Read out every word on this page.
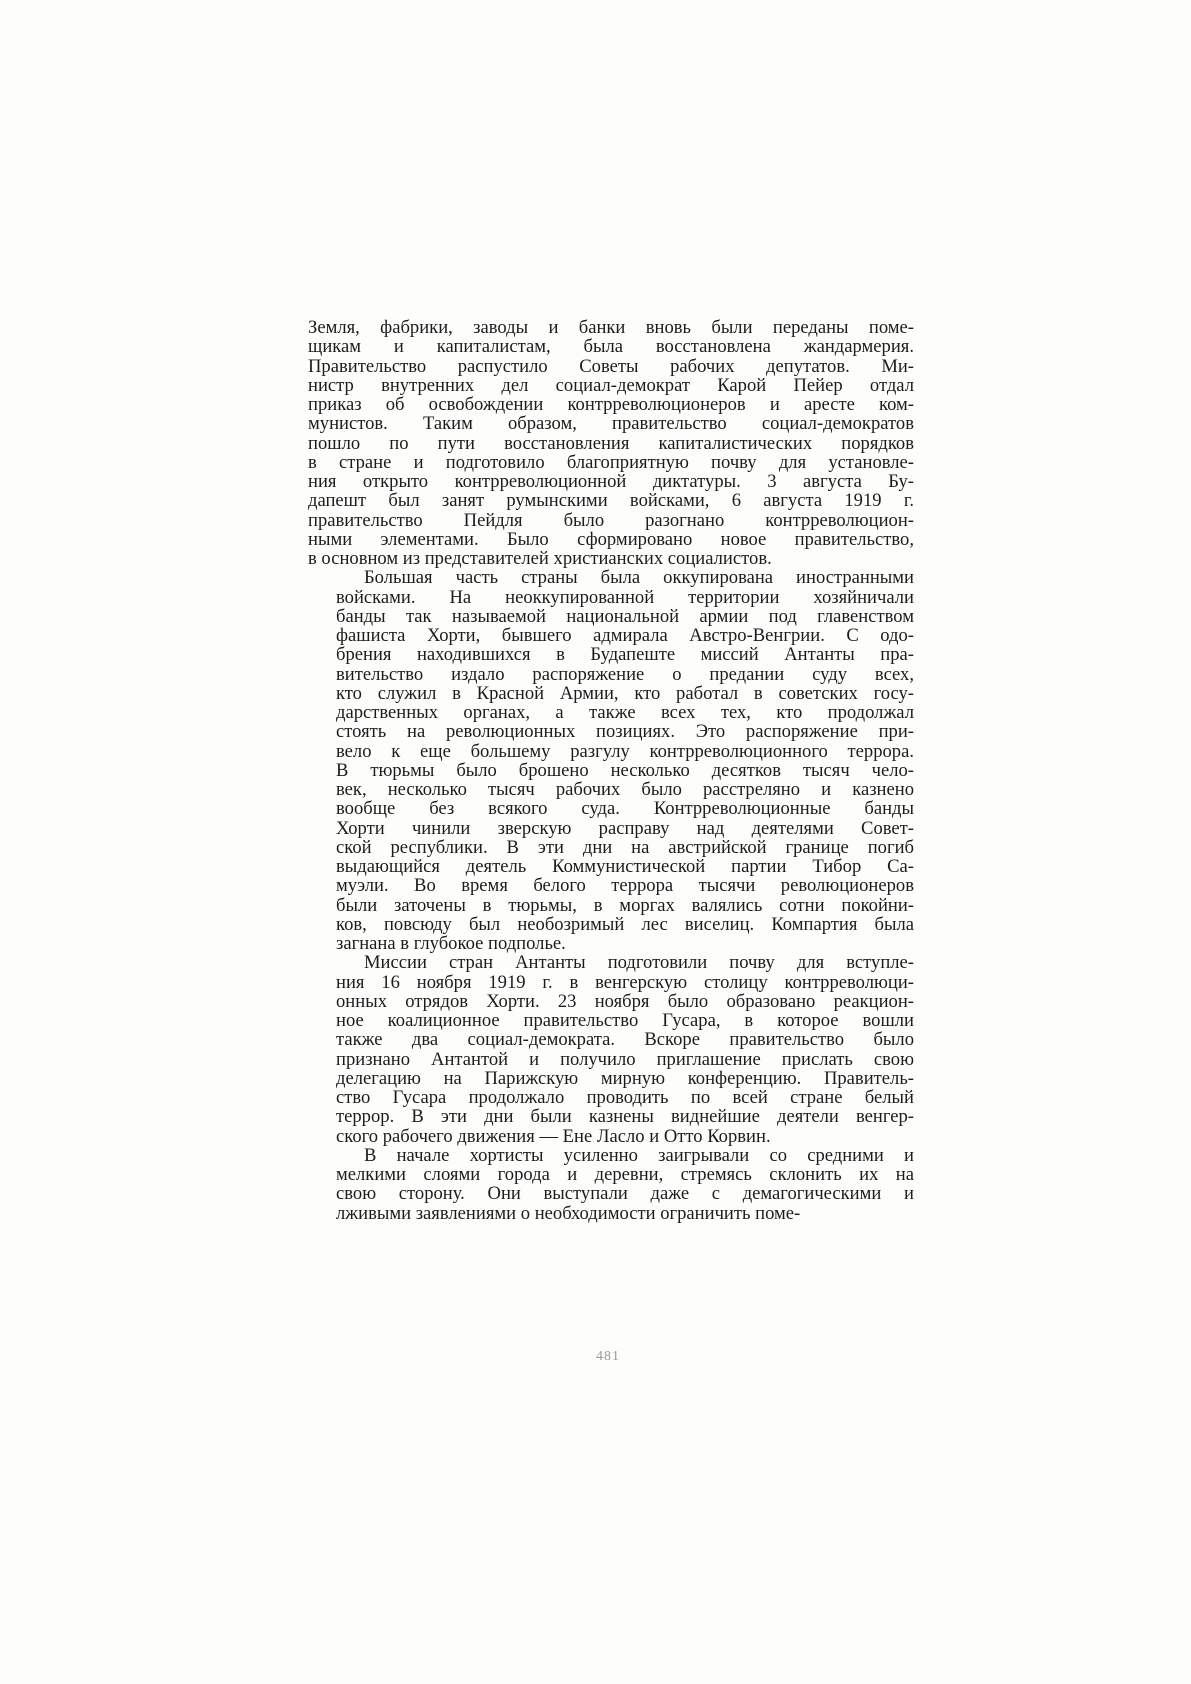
Земля, фабрики, заводы и банки вновь были переданы поме-
щикам и капиталистам, была восстановлена жандармерия.
Правительство распустило Советы рабочих депутатов. Ми-
нистр внутренних дел социал-демократ Карой Пейер отдал
приказ об освобождении контрреволюционеров и аресте ком-
мунистов. Таким образом, правительство социал-демократов
пошло по пути восстановления капиталистических порядков
в стране и подготовило благоприятную почву для установле-
ния открыто контрреволюционной диктатуры. 3 августа Бу-
дапешт был занят румынскими войсками, 6 августа 1919 г.
правительство Пейдля было разогнано контрреволюцион-
ными элементами. Было сформировано новое правительство,
в основном из представителей христианских социалистов.

Большая часть страны была оккупирована иностранными
войсками. На неоккупированной территории хозяйничали
банды так называемой национальной армии под главенством
фашиста Хорти, бывшего адмирала Австро-Венгрии. С одо-
брения находившихся в Будапеште миссий Антанты пра-
вительство издало распоряжение о предании суду всех,
кто служил в Красной Армии, кто работал в советских госу-
дарственных органах, а также всех тех, кто продолжал
стоять на революционных позициях. Это распоряжение при-
вело к еще большему разгулу контрреволюционного террора.
В тюрьмы было брошено несколько десятков тысяч чело-
век, несколько тысяч рабочих было расстреляно и казнено
вообще без всякого суда. Контрреволюционные банды
Хорти чинили зверскую расправу над деятелями Совет-
ской республики. В эти дни на австрийской границе погиб
выдающийся деятель Коммунистической партии Тибор Са-
муэли. Во время белого террора тысячи революционеров
были заточены в тюрьмы, в моргах валялись сотни покойни-
ков, повсюду был необозримый лес виселиц. Компартия была
загнана в глубокое подполье.

Миссии стран Антанты подготовили почву для вступле-
ния 16 ноября 1919 г. в венгерскую столицу контрреволюци-
онных отрядов Хорти. 23 ноября было образовано реакцион-
ное коалиционное правительство Гусара, в которое вошли
также два социал-демократа. Вскоре правительство было
признано Антантой и получило приглашение прислать свою
делегацию на Парижскую мирную конференцию. Правитель-
ство Гусара продолжало проводить по всей стране белый
террор. В эти дни были казнены виднейшие деятели венгер-
ского рабочего движения — Ене Ласло и Отто Корвин.

В начале хортисты усиленно заигрывали со средними и
мелкими слоями города и деревни, стремясь склонить их на
свою сторону. Они выступали даже с демагогическими и
лживыми заявлениями о необходимости ограничить поме-

481
